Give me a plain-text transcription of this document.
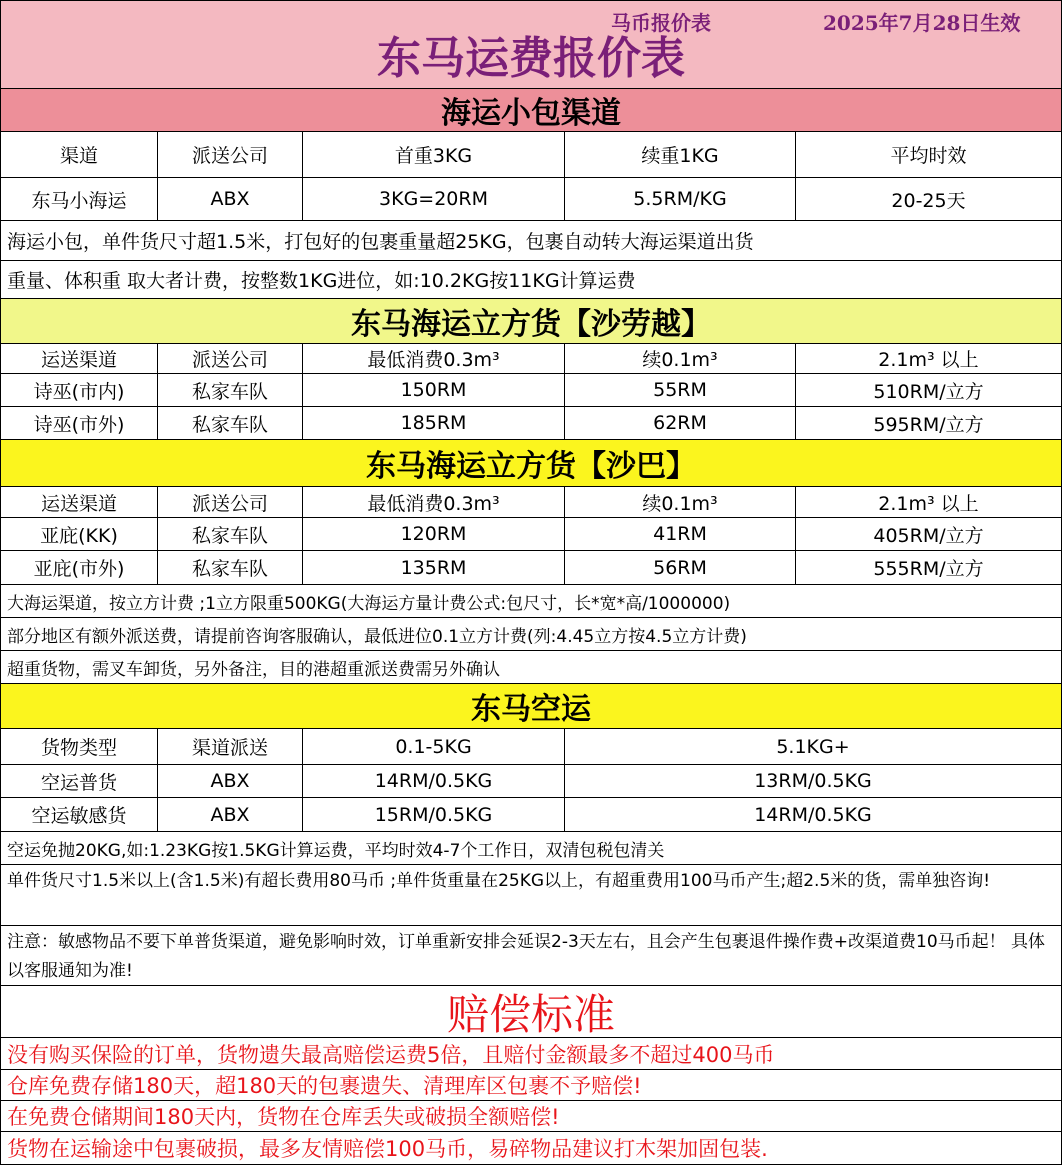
马币报价表	2025年7月28日生效
东马运费报价表
海运小包渠道
渠道	派送公司	首重3KG	续重1KG	平均时效
东马小海运	ABX	3KG=20RM	5.5RM/KG	20-25天
海运小包，单件货尺寸超1.5米，打包好的包裹重量超25KG，包裹自动转大海运渠道出货
重量、体积重 取大者计费，按整数1KG进位，如:10.2KG按11KG计算运费
东马海运立方货【沙劳越】
运送渠道	派送公司	最低消费0.3m³	续0.1m³	2.1m³ 以上
诗巫(市内)	私家车队	150RM	55RM	510RM/立方
诗巫(市外)	私家车队	185RM	62RM	595RM/立方
东马海运立方货【沙巴】
运送渠道	派送公司	最低消费0.3m³	续0.1m³	2.1m³ 以上
亚庇(KK)	私家车队	120RM	41RM	405RM/立方
亚庇(市外)	私家车队	135RM	56RM	555RM/立方
大海运渠道，按立方计费 ;1立方限重500KG(大海运方量计费公式:包尺寸，长*宽*高/1000000)
部分地区有额外派送费，请提前咨询客服确认，最低进位0.1立方计费(列:4.45立方按4.5立方计费)
超重货物，需叉车卸货，另外备注，目的港超重派送费需另外确认
东马空运
货物类型	渠道派送	0.1-5KG	5.1KG+
空运普货	ABX	14RM/0.5KG	13RM/0.5KG
空运敏感货	ABX	15RM/0.5KG	14RM/0.5KG
空运免抛20KG,如:1.23KG按1.5KG计算运费，平均时效4-7个工作日，双清包税包清关
单件货尺寸1.5米以上(含1.5米)有超长费用80马币 ;单件货重量在25KG以上，有超重费用100马币产生;超2.5米的货，需单独咨询!
注意：敏感物品不要下单普货渠道，避免影响时效，订单重新安排会延误2-3天左右，且会产生包裹退件操作费+改渠道费10马币起！ 具体以客服通知为准!
赔偿标准
没有购买保险的订单，货物遗失最高赔偿运费5倍，且赔付金额最多不超过400马币
仓库免费存储180天，超180天的包裹遗失、清理库区包裹不予赔偿!
在免费仓储期间180天内，货物在仓库丢失或破损全额赔偿!
货物在运输途中包裹破损，最多友情赔偿100马币，易碎物品建议打木架加固包装.
